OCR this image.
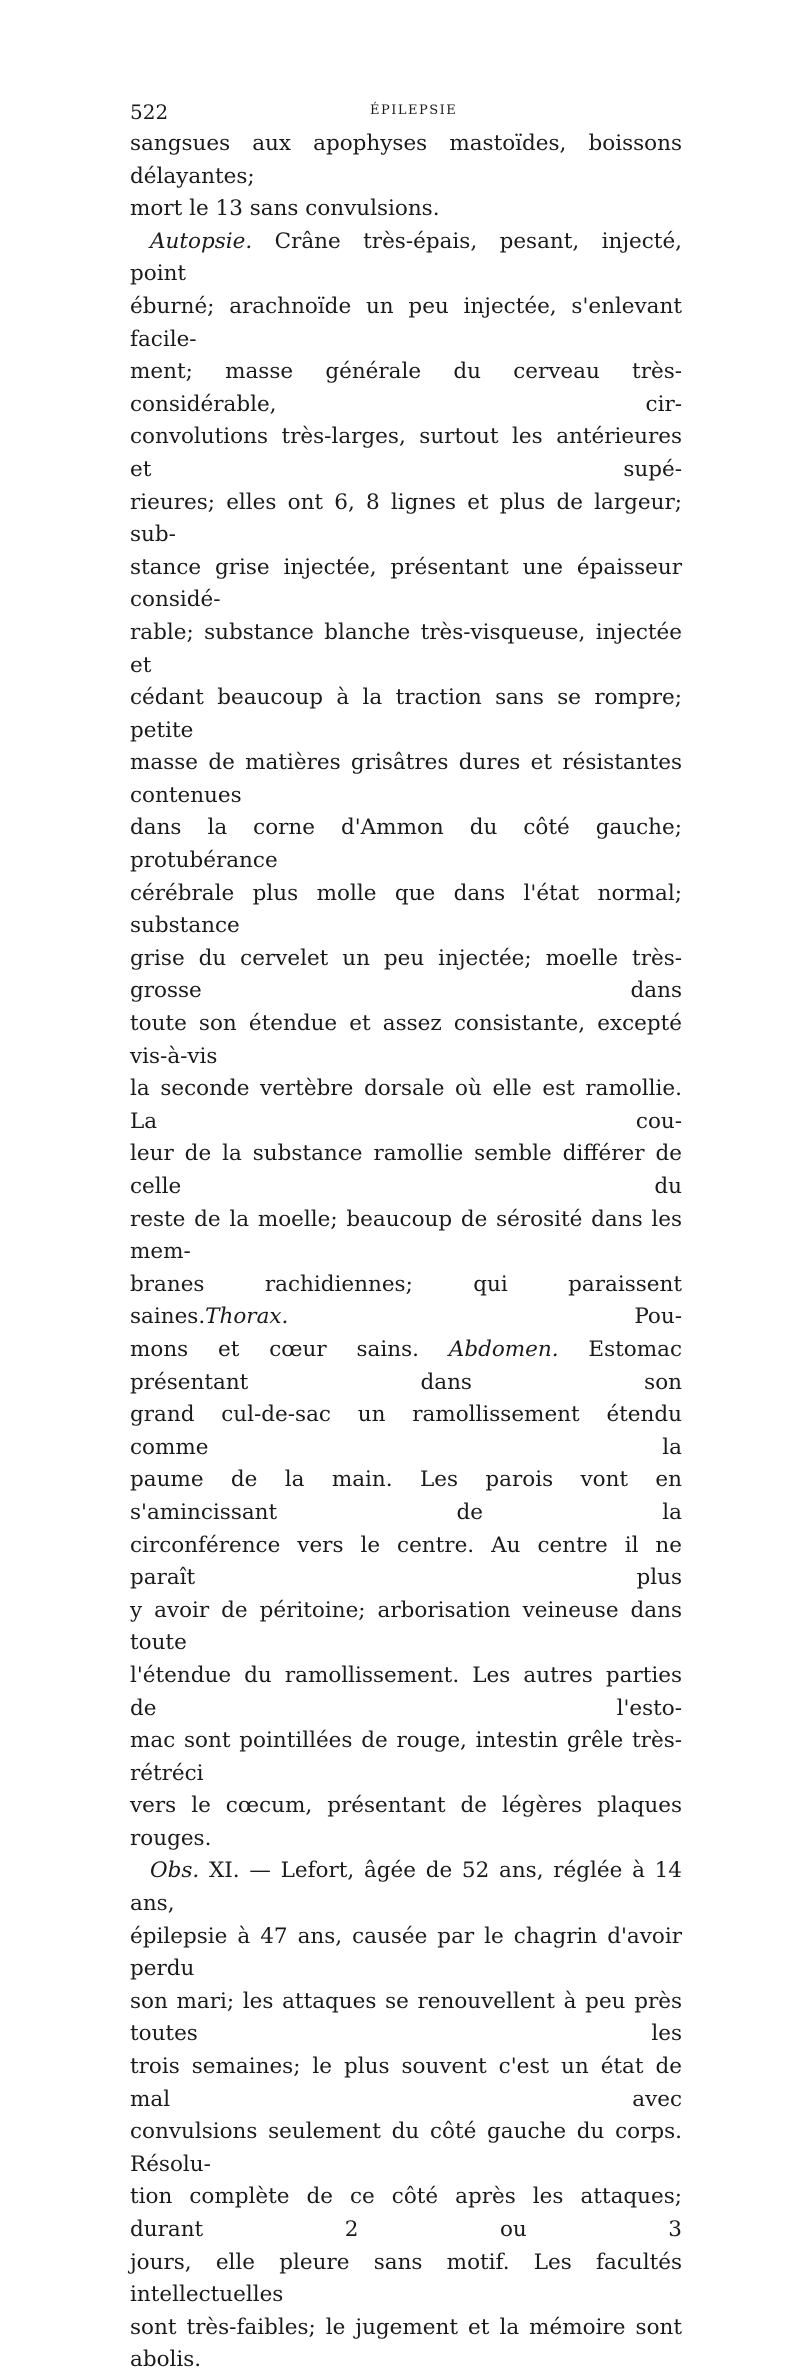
522	ÉPILEPSIE

sangsues aux apophyses mastoïdes, boissons délayantes;

mort le 13 sans convulsions.

Autopsie. Crâne très-épais, pesant, injecté, point

éburné; arachnoïde un peu injectée, s'enlevant facile-

ment; masse générale du cerveau très-considérable, cir-

convolutions très-larges, surtout les antérieures et supé-

rieures; elles ont 6, 8 lignes et plus de largeur; sub-

stance grise injectée, présentant une épaisseur considé-

rable; substance blanche très-visqueuse, injectée et

cédant beaucoup à la traction sans se rompre; petite

masse de matières grisâtres dures et résistantes contenues

dans la corne d'Ammon du côté gauche; protubérance

cérébrale plus molle que dans l'état normal; substance

grise du cervelet un peu injectée; moelle très-grosse dans

toute son étendue et assez consistante, excepté vis-à-vis

la seconde vertèbre dorsale où elle est ramollie. La cou-

leur de la substance ramollie semble différer de celle du

reste de la moelle; beaucoup de sérosité dans les mem-

branes rachidiennes; qui paraissent saines.Thorax. Pou-

mons et cœur sains. Abdomen. Estomac présentant dans son

grand cul-de-sac un ramollissement étendu comme la

paume de la main. Les parois vont en s'amincissant de la

circonférence vers le centre. Au centre il ne paraît plus

y avoir de péritoine; arborisation veineuse dans toute

l'étendue du ramollissement. Les autres parties de l'esto-

mac sont pointillées de rouge, intestin grêle très-rétréci

vers le cœcum, présentant de légères plaques rouges.

Obs. XI. — Lefort, âgée de 52 ans, réglée à 14 ans,

épilepsie à 47 ans, causée par le chagrin d'avoir perdu

son mari; les attaques se renouvellent à peu près toutes les

trois semaines; le plus souvent c'est un état de mal avec

convulsions seulement du côté gauche du corps. Résolu-

tion complète de ce côté après les attaques; durant 2 ou 3

jours, elle pleure sans motif. Les facultés intellectuelles

sont très-faibles; le jugement et la mémoire sont abolis.
